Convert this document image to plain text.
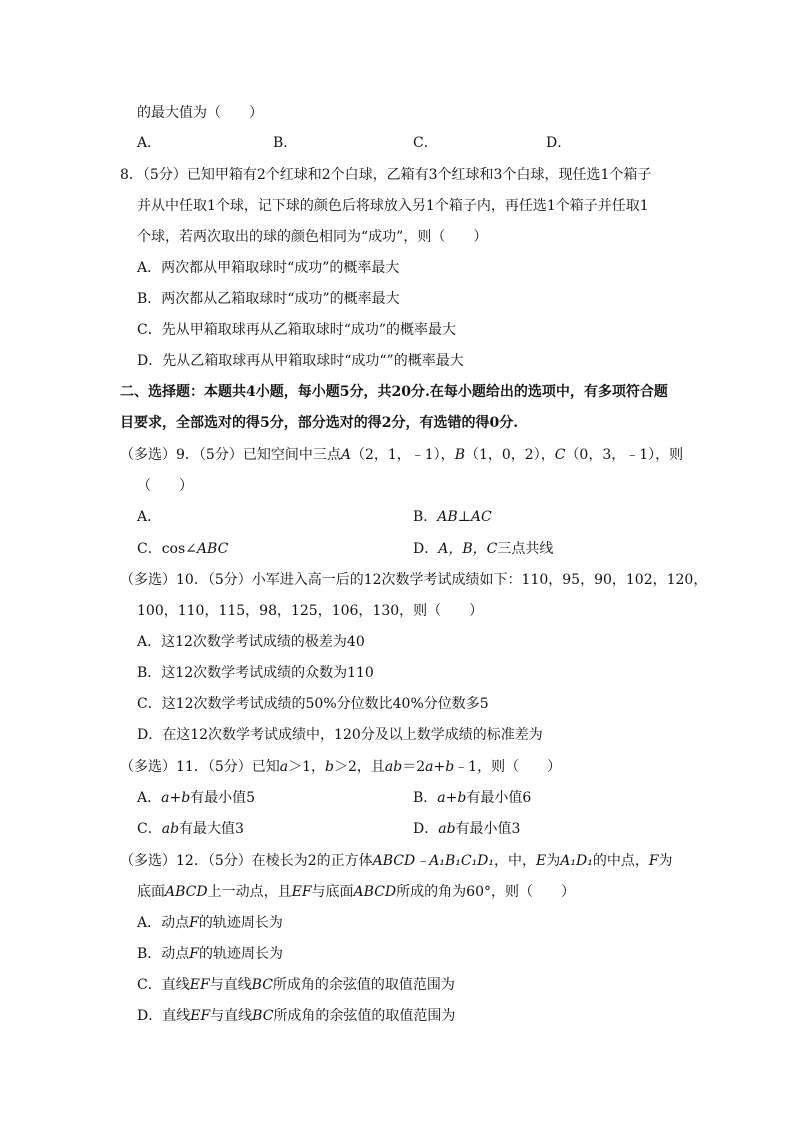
的最大值为（　　）
A．	B．	C．	D．
8．（5分）已知甲箱有2个红球和2个白球，乙箱有3个红球和3个白球，现任选1个箱子
并从中任取1个球，记下球的颜色后将球放入另1个箱子内，再任选1个箱子并任取1
个球，若两次取出的球的颜色相同为“成功”，则（　　）
A．两次都从甲箱取球时“成功”的概率最大
B．两次都从乙箱取球时“成功”的概率最大
C．先从甲箱取球再从乙箱取球时“成功”的概率最大
D．先从乙箱取球再从甲箱取球时“成功“”的概率最大
二、选择题：本题共4小题，每小题5分，共20分.在每小题给出的选项中，有多项符合题
目要求，全部选对的得5分，部分选对的得2分，有选错的得0分.
（多选）9．（5分）已知空间中三点A（2，1，﹣1），B（1，0，2），C（0，3，﹣1），则
（　　）
A．	B．AB⊥AC
C．cos∠ABC	D．A，B，C三点共线
（多选）10．（5分）小军进入高一后的12次数学考试成绩如下：110，95，90，102，120，
100，110，115，98，125，106，130，则（　　）
A．这12次数学考试成绩的极差为40
B．这12次数学考试成绩的众数为110
C．这12次数学考试成绩的50%分位数比40%分位数多5
D．在这12次数学考试成绩中，120分及以上数学成绩的标准差为
（多选）11．（5分）已知a＞1，b＞2，且ab＝2a+b﹣1，则（　　）
A．a+b有最小值5	B．a+b有最小值6
C．ab有最大值3	D．ab有最小值3
（多选）12．（5分）在棱长为2的正方体ABCD﹣A₁B₁C₁D₁，中，E为A₁D₁的中点，F为
底面ABCD上一动点，且EF与底面ABCD所成的角为60°，则（　　）
A．动点F的轨迹周长为
B．动点F的轨迹周长为
C．直线EF与直线BC所成角的余弦值的取值范围为
D．直线EF与直线BC所成角的余弦值的取值范围为
